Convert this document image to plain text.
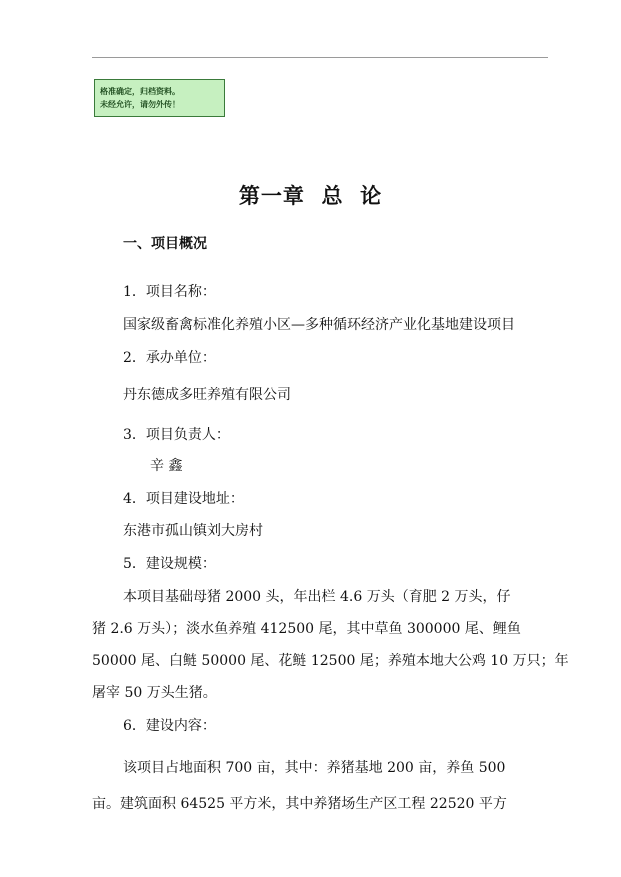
格准确定，归档资料。
未经允许，请勿外传！
第一章  总  论
一、项目概况
1．项目名称：
国家级畜禽标准化养殖小区—多种循环经济产业化基地建设项目
2．承办单位：
丹东德成多旺养殖有限公司
3．项目负责人：
辛 鑫
4．项目建设地址：
东港市孤山镇刘大房村
5．建设规模：
本项目基础母猪 2000 头，年出栏 4.6 万头（育肥 2 万头，仔
猪 2.6 万头）；淡水鱼养殖 412500 尾，其中草鱼 300000 尾、鲤鱼
50000 尾、白鲢 50000 尾、花鲢 12500 尾；养殖本地大公鸡 10 万只；年
屠宰 50 万头生猪。
6．建设内容：
该项目占地面积 700 亩，其中：养猪基地 200 亩，养鱼 500
亩。建筑面积 64525 平方米，其中养猪场生产区工程 22520 平方
